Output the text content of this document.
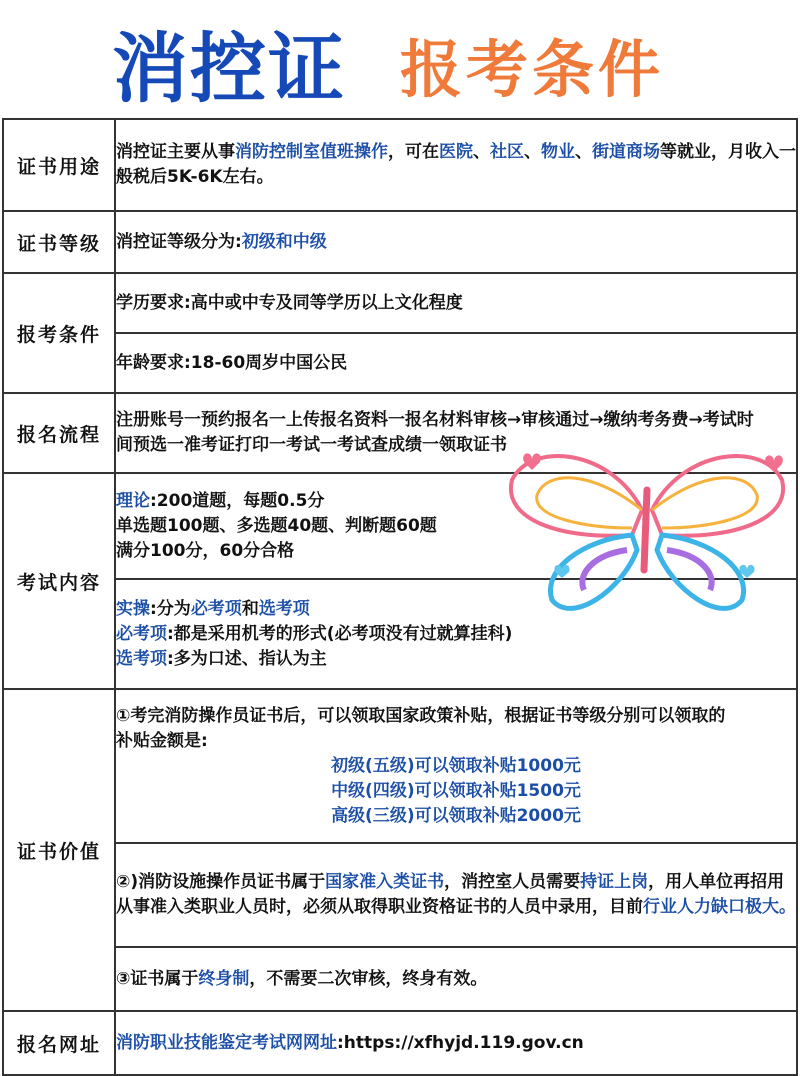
消控证 报考条件
证书用途	消控证主要从事消防控制室值班操作，可在医院、社区、物业、街道商场等就业，月收入一般税后5K-6K左右。
证书等级	消控证等级分为:初级和中级
报考条件	学历要求:高中或中专及同等学历以上文化程度
	年龄要求:18-60周岁中国公民
报名流程	注册账号一预约报名一上传报名资料一报名材料审核→审核通过→缴纳考务费→考试时
间预选一准考证打印一考试一考试查成绩一领取证书

考试内容	理论:200道题，每题0.5分
单选题100题、多选题40题、判断题60题
满分100分，60分合格

	实操:分为必考项和选考项
必考项:都是采用机考的形式(必考项没有过就算挂科)
选考项:多为口述、指认为主

证书价值	①考完消防操作员证书后，可以领取国家政策补贴，根据证书等级分别可以领取的
补贴金额是:
初级(五级)可以领取补贴1000元
中级(四级)可以领取补贴1500元
高级(三级)可以领取补贴2000元

	②)消防设施操作员证书属于国家准入类证书，消控室人员需要持证上岗，用人单位再招用从事准入类职业人员时，必须从取得职业资格证书的人员中录用，目前行业人力缺口极大。
	③证书属于终身制，不需要二次审核，终身有效。
报名网址	消防职业技能鉴定考试网网址:https://xfhyjd.119.gov.cn
